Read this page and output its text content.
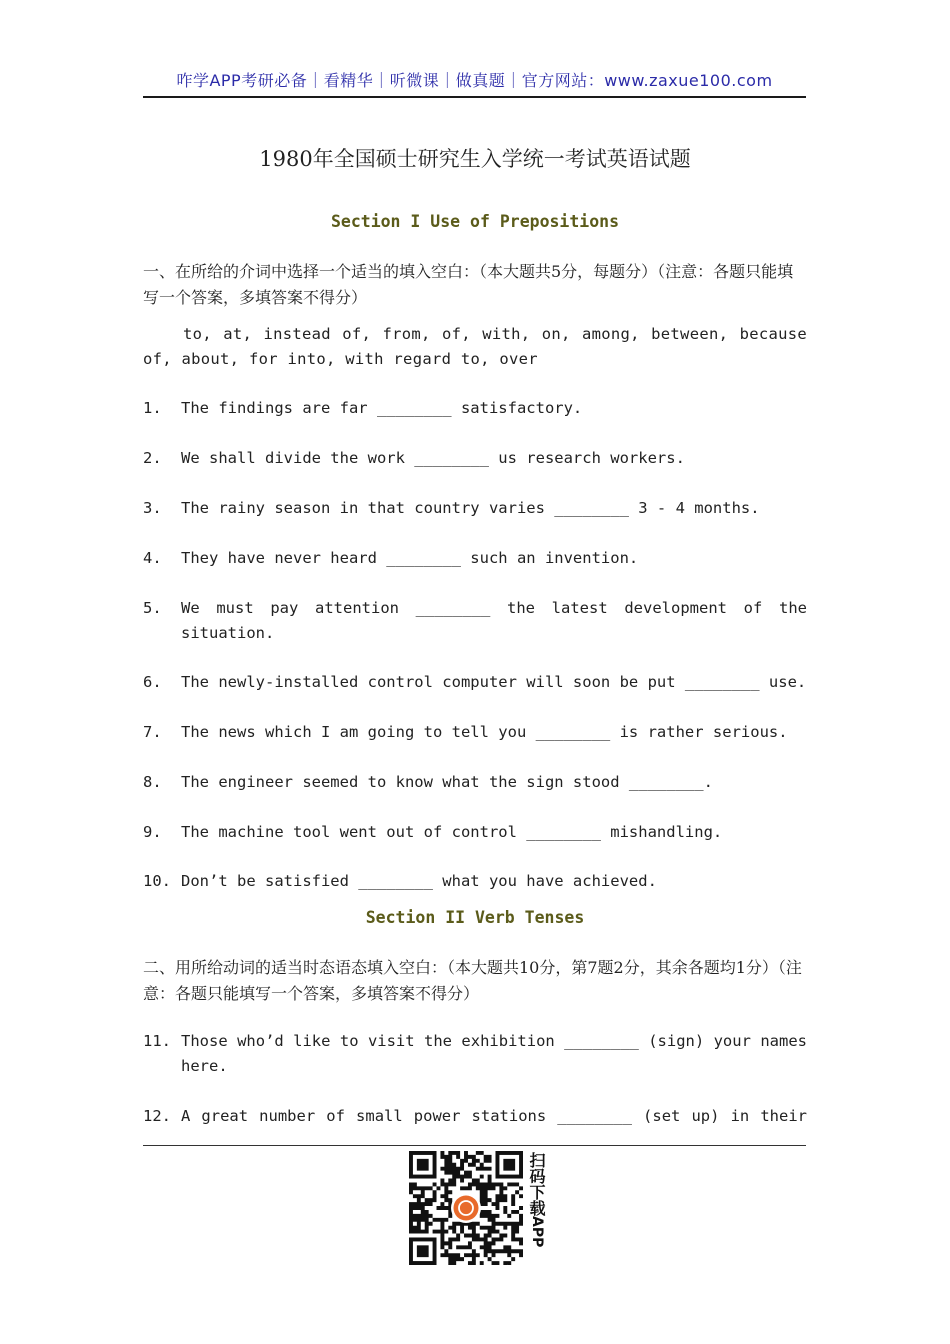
咋学APP考研必备｜看精华｜听微课｜做真题｜官方网站：www.zaxue100.com
1980年全国硕士研究生入学统一考试英语试题
Section I Use of Prepositions
一、在所给的介词中选择一个适当的填入空白：（本大题共5分，每题分）（注意：各题只能填写一个答案，多填答案不得分）
to, at, instead of, from, of, with, on, among, between, because of, about, for into, with regard to, over
1. The findings are far ________ satisfactory.
2. We shall divide the work ________ us research workers.
3. The rainy season in that country varies ________ 3 - 4 months.
4. They have never heard ________ such an invention.
5. We must pay attention ________ the latest development of the situation.
6. The newly-installed control computer will soon be put ________ use.
7. The news which I am going to tell you ________ is rather serious.
8. The engineer seemed to know what the sign stood ________.
9. The machine tool went out of control ________ mishandling.
10. Don’t be satisfied ________ what you have achieved.
Section II Verb Tenses
二、用所给动词的适当时态语态填入空白：（本大题共10分，第7题2分，其余各题均1分）（注意：各题只能填写一个答案，多填答案不得分）
11. Those who’d like to visit the exhibition ________ (sign) your names here.
12. A great number of small power stations ________ (set up) in their
扫码下载
APP
